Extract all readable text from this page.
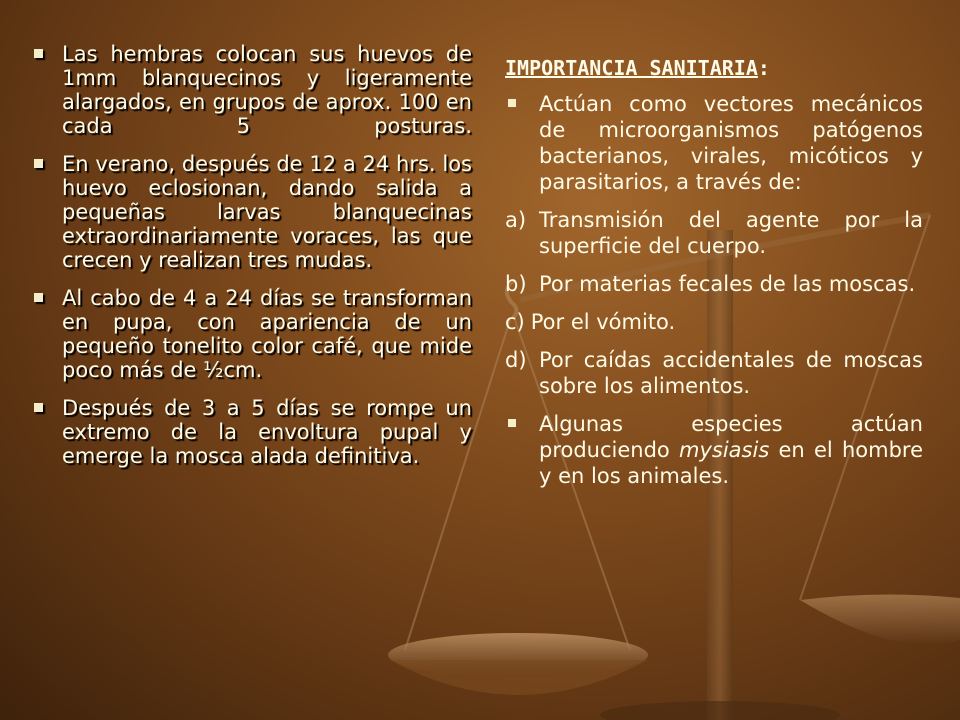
Las hembras colocan sus huevos de 1mm blanquecinos y ligeramente alargados, en grupos de aprox. 100 en cada 5 posturas.
En verano, después de 12 a 24 hrs. los huevo eclosionan, dando salida a pequeñas larvas blanquecinas extraordinariamente voraces, las que crecen y realizan tres mudas.
Al cabo de 4 a 24 días se transforman en pupa, con apariencia de un pequeño tonelito color café, que mide poco más de ½cm.
Después de 3 a 5 días se rompe un extremo de la envoltura pupal y emerge la mosca alada definitiva.
IMPORTANCIA SANITARIA:
Actúan como vectores mecánicos de microorganismos patógenos bacterianos, virales, micóticos y parasitarios, a través de:
a) Transmisión del agente por la superficie del cuerpo.
b) Por materias fecales de las moscas.
c) Por el vómito.
d) Por caídas accidentales de moscas sobre los alimentos.
Algunas especies actúan produciendo mysiasis en el hombre y en los animales.
